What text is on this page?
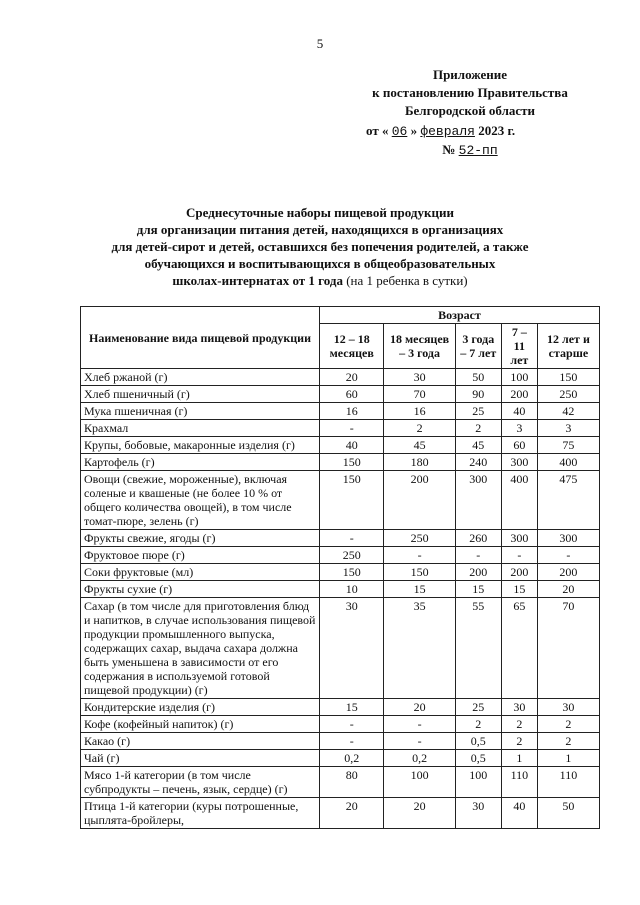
5
Приложение
к постановлению Правительства
Белгородской области
от « 06 » февраля 2023 г.
№ 52-пп
Среднесуточные наборы пищевой продукции
для организации питания детей, находящихся в организациях
для детей-сирот и детей, оставшихся без попечения родителей, а также
обучающихся и воспитывающихся в общеобразовательных
школах-интернатах от 1 года (на 1 ребенка в сутки)
Наименование вида пищевой продукции	Возраст				
	12 – 18 месяцев	18 месяцев – 3 года	3 года – 7 лет	7 – 11 лет	12 лет и старше
Хлеб ржаной (г)	20	30	50	100	150
Хлеб пшеничный (г)	60	70	90	200	250
Мука пшеничная (г)	16	16	25	40	42
Крахмал	-	2	2	3	3
Крупы, бобовые, макаронные изделия (г)	40	45	45	60	75
Картофель (г)	150	180	240	300	400
Овощи (свежие, мороженные), включая соленые и квашеные (не более 10 % от общего количества овощей), в том числе томат-пюре, зелень (г)	150	200	300	400	475
Фрукты свежие, ягоды (г)	-	250	260	300	300
Фруктовое пюре (г)	250	-	-	-	-
Соки фруктовые (мл)	150	150	200	200	200
Фрукты сухие (г)	10	15	15	15	20
Сахар (в том числе для приготовления блюд и напитков, в случае использования пищевой продукции промышленного выпуска, содержащих сахар, выдача сахара должна быть уменьшена в зависимости от его содержания в используемой готовой пищевой продукции) (г)	30	35	55	65	70
Кондитерские изделия (г)	15	20	25	30	30
Кофе (кофейный напиток) (г)	-	-	2	2	2
Какао (г)	-	-	0,5	2	2
Чай (г)	0,2	0,2	0,5	1	1
Мясо 1-й категории (в том числе субпродукты – печень, язык, сердце) (г)	80	100	100	110	110
Птица 1-й категории (куры потрошенные, цыплята-бройлеры,	20	20	30	40	50
